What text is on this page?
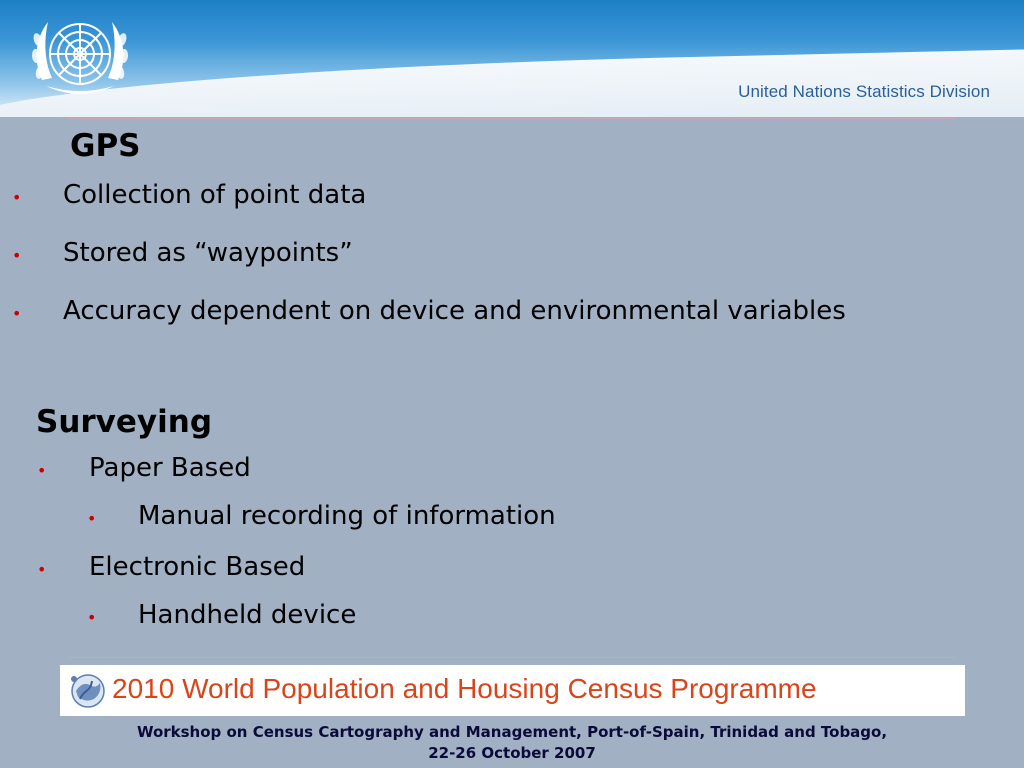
United Nations Statistics Division
GPS
•	Collection of point data
•	Stored as “waypoints”
•	Accuracy dependent on device and environmental variables
Surveying
•	Paper Based
•	Manual recording of information
•	Electronic Based
•	Handheld device
2010 World Population and Housing Census Programme
Workshop on Census Cartography and Management, Port-of-Spain, Trinidad and Tobago,
22-26 October 2007
